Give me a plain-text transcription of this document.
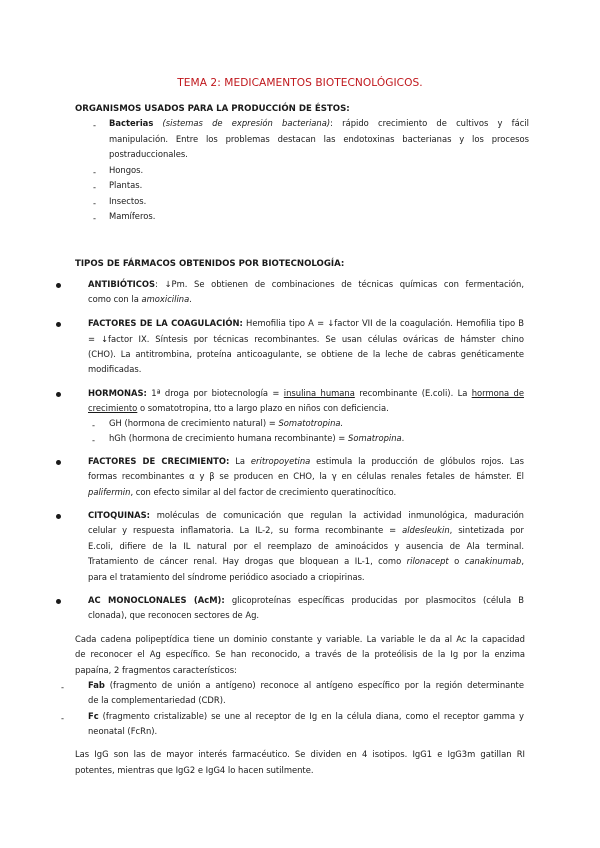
TEMA 2: MEDICAMENTOS BIOTECNOLÓGICOS.
ORGANISMOS USADOS PARA LA PRODUCCIÓN DE ÉSTOS:
- Bacterias (sistemas de expresión bacteriana): rápido crecimiento de cultivos y fácil
manipulación. Entre los problemas destacan las endotoxinas bacterianas y los procesos
postraduccionales.
- Hongos.
- Plantas.
- Insectos.
- Mamíferos.
TIPOS DE FÁRMACOS OBTENIDOS POR BIOTECNOLOGÍA:
ANTIBIÓTICOS: ↓Pm. Se obtienen de combinaciones de técnicas químicas con fermentación,
como con la amoxicilina.
FACTORES DE LA COAGULACIÓN: Hemofilia tipo A = ↓factor VII de la coagulación. Hemofilia tipo B
= ↓factor IX. Síntesis por técnicas recombinantes. Se usan células ováricas de hámster chino
(CHO). La antitrombina, proteína anticoagulante, se obtiene de la leche de cabras genéticamente
modificadas.
HORMONAS: 1ª droga por biotecnología = insulina humana recombinante (E.coli). La hormona de
crecimiento o somatotropina, tto a largo plazo en niños con deficiencia.
- GH (hormona de crecimiento natural) = Somatotropina.
- hGh (hormona de crecimiento humana recombinante) = Somatropina.
FACTORES DE CRECIMIENTO: La eritropoyetina estimula la producción de glóbulos rojos. Las
formas recombinantes α y β se producen en CHO, la γ en células renales fetales de hámster. El
palifermin, con efecto similar al del factor de crecimiento queratinocítico.
CITOQUINAS: moléculas de comunicación que regulan la actividad inmunológica, maduración
celular y respuesta inflamatoria. La IL-2, su forma recombinante = aldesleukin, sintetizada por
E.coli, difiere de la IL natural por el reemplazo de aminoácidos y ausencia de Ala terminal.
Tratamiento de cáncer renal. Hay drogas que bloquean a IL-1, como rilonacept o canakinumab,
para el tratamiento del síndrome periódico asociado a criopirinas.
AC MONOCLONALES (AcM): glicoproteínas específicas producidas por plasmocitos (célula B
clonada), que reconocen sectores de Ag.
Cada cadena polipeptídica tiene un dominio constante y variable. La variable le da al Ac la capacidad
de reconocer el Ag específico. Se han reconocido, a través de la proteólisis de la Ig por la enzima
papaína, 2 fragmentos característicos:
-	Fab (fragmento de unión a antígeno) reconoce al antígeno específico por la región determinante
de la complementariedad (CDR).
-	Fc (fragmento cristalizable) se une al receptor de Ig en la célula diana, como el receptor gamma y
neonatal (FcRn).
Las IgG son las de mayor interés farmacéutico. Se dividen en 4 isotipos. IgG1 e IgG3m gatillan RI
potentes, mientras que IgG2 e IgG4 lo hacen sutilmente.
